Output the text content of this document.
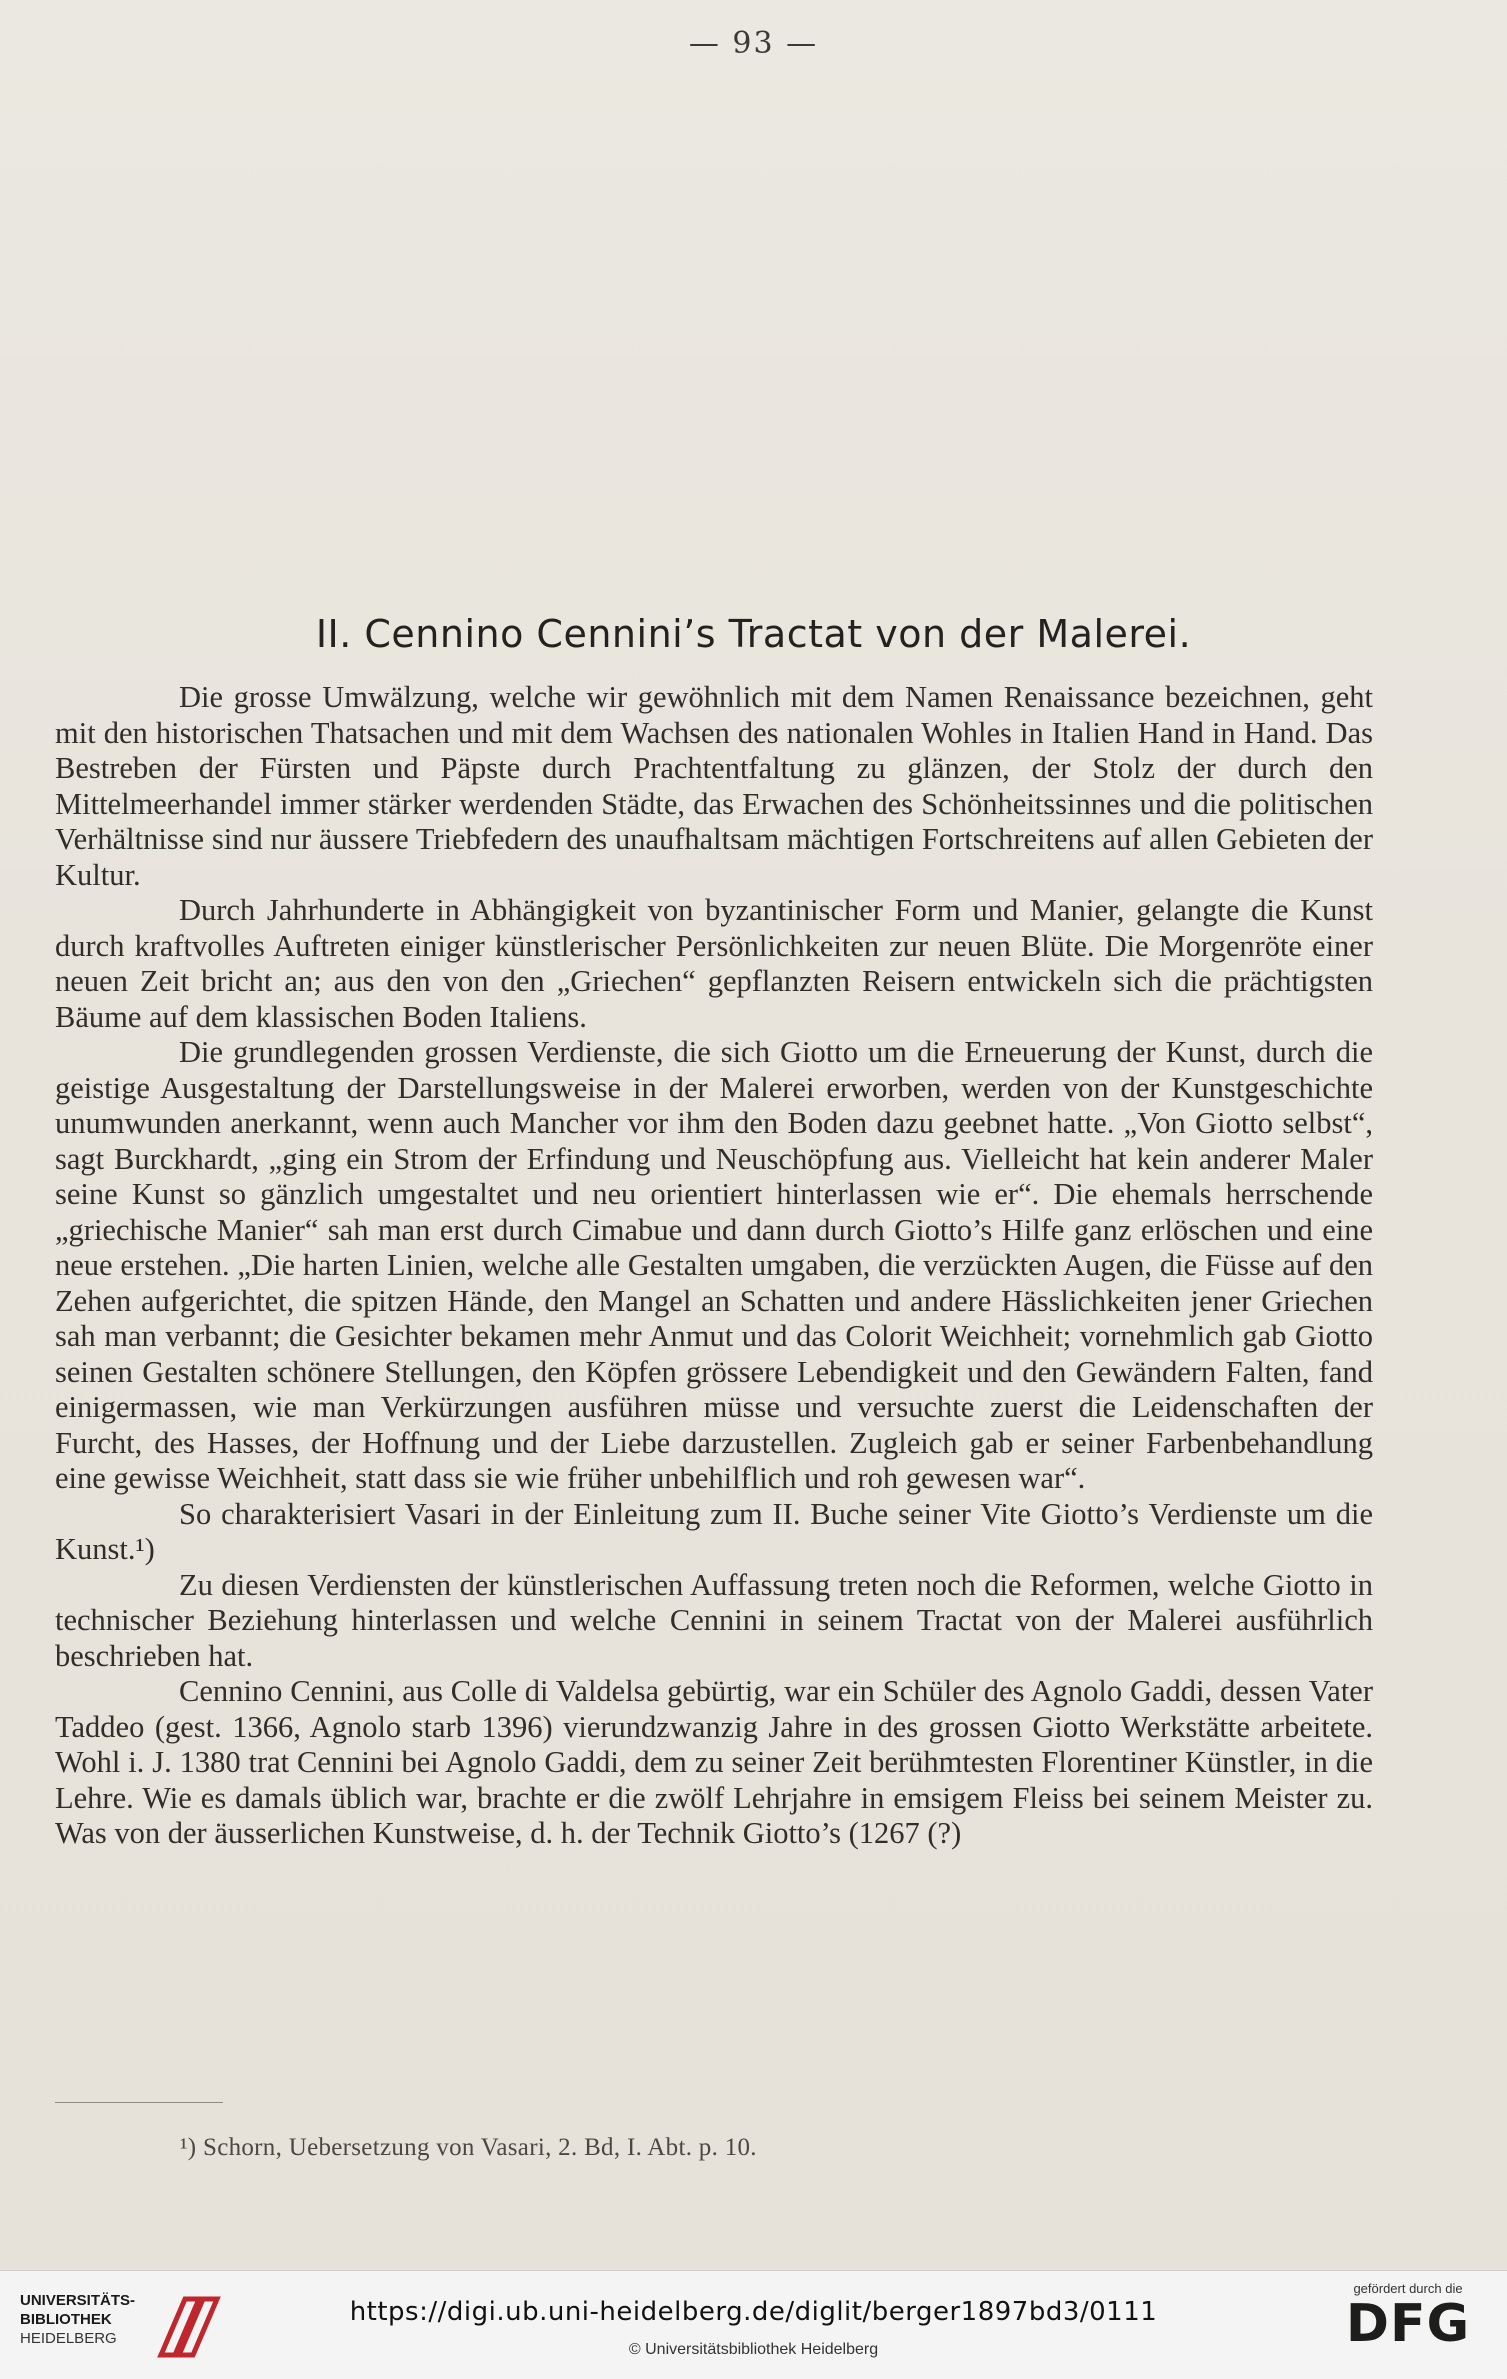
— 93 —
II. Cennino Cennini’s Tractat von der Malerei.

Die grosse Umwälzung, welche wir gewöhnlich mit dem Namen Renaissance bezeichnen, geht mit den historischen Thatsachen und mit dem Wachsen des nationalen Wohles in Italien Hand in Hand. Das Bestreben der Fürsten und Päpste durch Prachtentfaltung zu glänzen, der Stolz der durch den Mittelmeerhandel immer stärker werdenden Städte, das Erwachen des Schönheitssinnes und die politischen Verhältnisse sind nur äussere Triebfedern des unaufhaltsam mächtigen Fortschreitens auf allen Gebieten der Kultur.

Durch Jahrhunderte in Abhängigkeit von byzantinischer Form und Manier, gelangte die Kunst durch kraftvolles Auftreten einiger künstlerischer Persönlichkeiten zur neuen Blüte. Die Morgenröte einer neuen Zeit bricht an; aus den von den „Griechen“ gepflanzten Reisern entwickeln sich die prächtigsten Bäume auf dem klassischen Boden Italiens.

Die grundlegenden grossen Verdienste, die sich Giotto um die Erneuerung der Kunst, durch die geistige Ausgestaltung der Darstellungsweise in der Malerei erworben, werden von der Kunstgeschichte unumwunden anerkannt, wenn auch Mancher vor ihm den Boden dazu geebnet hatte. „Von Giotto selbst“, sagt Burckhardt, „ging ein Strom der Erfindung und Neuschöpfung aus. Vielleicht hat kein anderer Maler seine Kunst so gänzlich umgestaltet und neu orientiert hinterlassen wie er“. Die ehemals herrschende „griechische Manier“ sah man erst durch Cimabue und dann durch Giotto’s Hilfe ganz erlöschen und eine neue erstehen. „Die harten Linien, welche alle Gestalten umgaben, die verzückten Augen, die Füsse auf den Zehen aufgerichtet, die spitzen Hände, den Mangel an Schatten und andere Hässlichkeiten jener Griechen sah man verbannt; die Gesichter bekamen mehr Anmut und das Colorit Weichheit; vornehmlich gab Giotto seinen Gestalten schönere Stellungen, den Köpfen grössere Lebendigkeit und den Gewändern Falten, fand einigermassen, wie man Verkürzungen ausführen müsse und versuchte zuerst die Leidenschaften der Furcht, des Hasses, der Hoffnung und der Liebe darzustellen. Zugleich gab er seiner Farbenbehandlung eine gewisse Weichheit, statt dass sie wie früher unbehilflich und roh gewesen war“.

So charakterisiert Vasari in der Einleitung zum II. Buche seiner Vite Giotto’s Verdienste um die Kunst.¹)

Zu diesen Verdiensten der künstlerischen Auffassung treten noch die Reformen, welche Giotto in technischer Beziehung hinterlassen und welche Cennini in seinem Tractat von der Malerei ausführlich beschrieben hat.

Cennino Cennini, aus Colle di Valdelsa gebürtig, war ein Schüler des Agnolo Gaddi, dessen Vater Taddeo (gest. 1366, Agnolo starb 1396) vierundzwanzig Jahre in des grossen Giotto Werkstätte arbeitete. Wohl i. J. 1380 trat Cennini bei Agnolo Gaddi, dem zu seiner Zeit berühmtesten Florentiner Künstler, in die Lehre. Wie es damals üblich war, brachte er die zwölf Lehrjahre in emsigem Fleiss bei seinem Meister zu. Was von der äusserlichen Kunstweise, d. h. der Technik Giotto’s (1267 (?)

¹) Schorn, Uebersetzung von Vasari, 2. Bd, I. Abt. p. 10.
UNIVERSITÄTS-
BIBLIOTHEK
HEIDELBERG
https://digi.ub.uni-heidelberg.de/diglit/berger1897bd3/0111
© Universitätsbibliothek Heidelberg
gefördert durch die
DFG
